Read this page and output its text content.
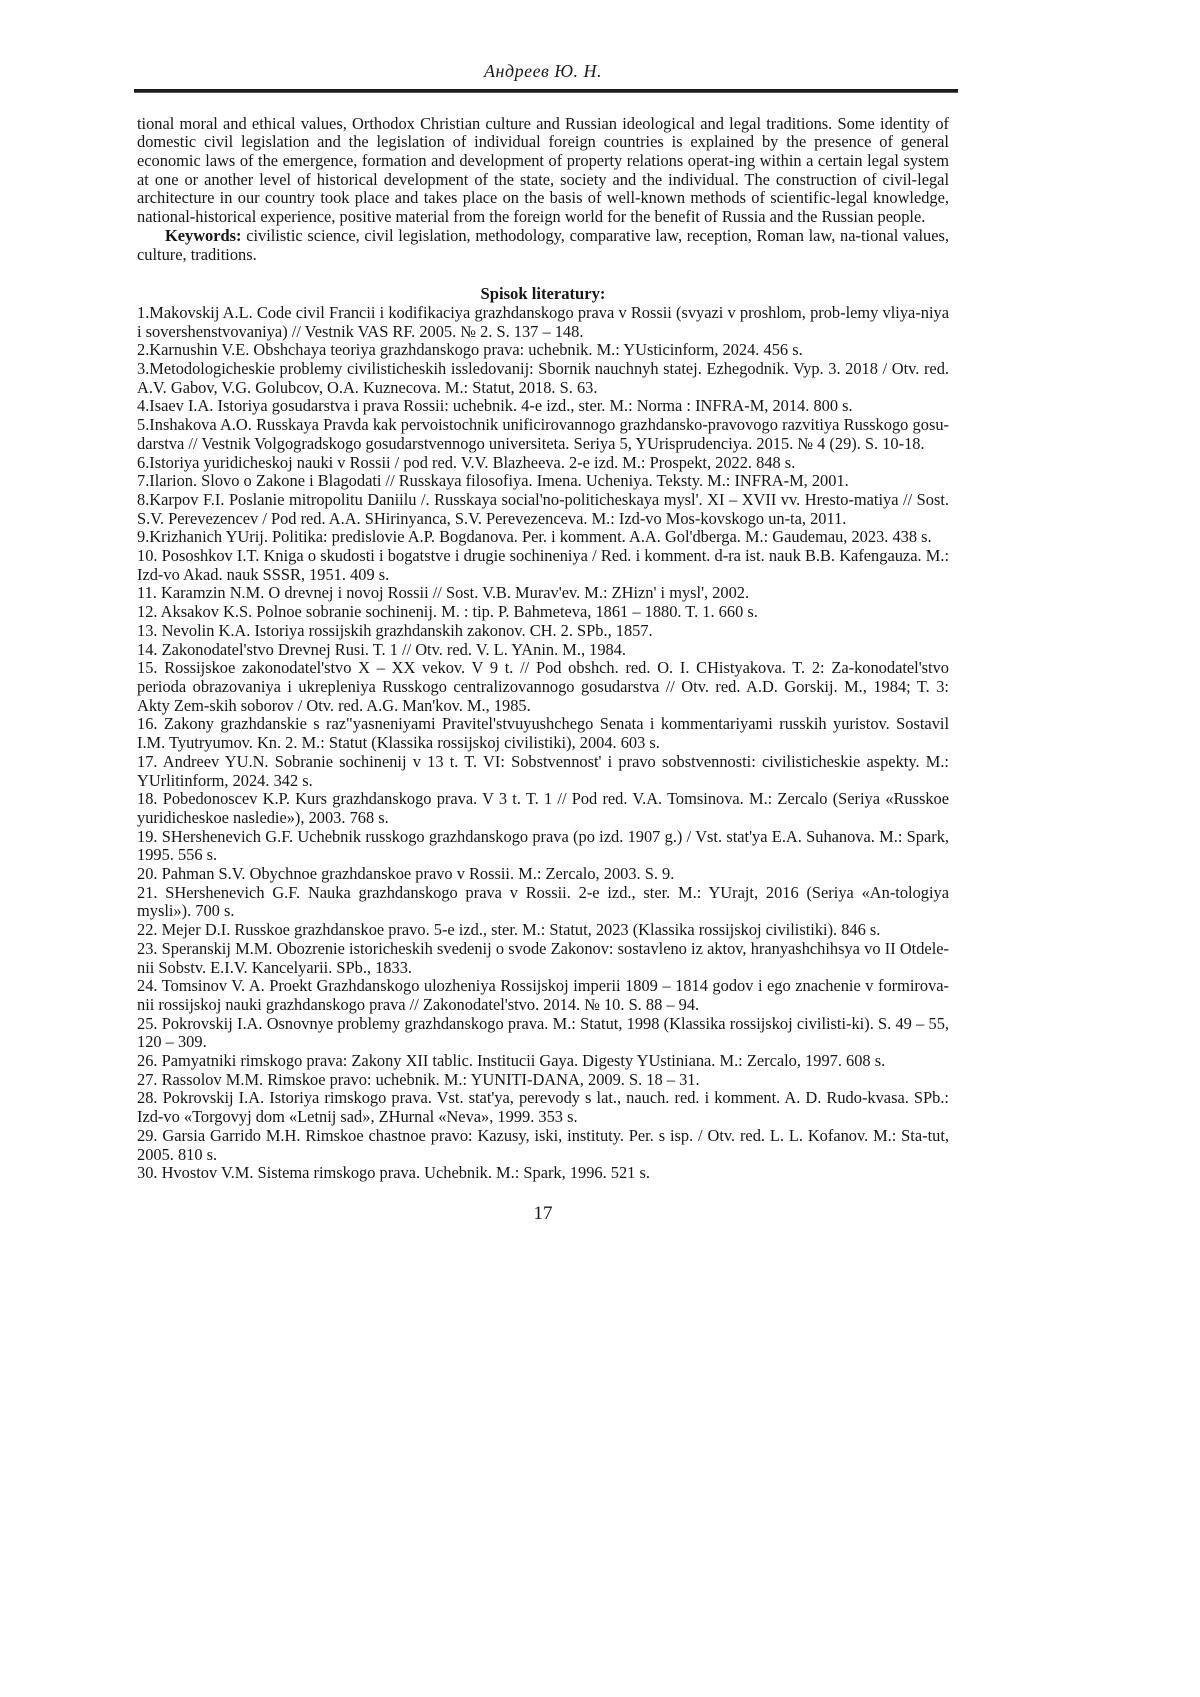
Андреев Ю. Н.

tional moral and ethical values, Orthodox Christian culture and Russian ideological and legal traditions. Some identity of domestic civil legislation and the legislation of individual foreign countries is explained by the presence of general economic laws of the emergence, formation and development of property relations operat-ing within a certain legal system at one or another level of historical development of the state, society and the individual. The construction of civil-legal architecture in our country took place and takes place on the basis of well-known methods of scientific-legal knowledge, national-historical experience, positive material from the foreign world for the benefit of Russia and the Russian people.

Keywords: civilistic science, civil legislation, methodology, comparative law, reception, Roman law, na-tional values, culture, traditions.

Spisok literatury:

1.Makovskij A.L. Code civil Francii i kodifikaciya grazhdanskogo prava v Rossii (svyazi v proshlom, prob-lemy vliya-niya i sovershenstvovaniya) // Vestnik VAS RF. 2005. № 2. S. 137 – 148.

2.Karnushin V.E. Obshchaya teoriya grazhdanskogo prava: uchebnik. M.: YUsticinform, 2024. 456 s.

3.Metodologicheskie problemy civilisticheskih issledovanij: Sbornik nauchnyh statej. Ezhegodnik. Vyp. 3. 2018 / Otv. red. A.V. Gabov, V.G. Golubcov, O.A. Kuznecova. M.: Statut, 2018. S. 63.

4.Isaev I.A. Istoriya gosudarstva i prava Rossii: uchebnik. 4-e izd., ster. M.: Norma : INFRA-M, 2014. 800 s.

5.Inshakova A.O. Russkaya Pravda kak pervoistochnik unificirovannogo grazhdansko-pravovogo razvitiya Russkogo gosu-darstva // Vestnik Volgogradskogo gosudarstvennogo universiteta. Seriya 5, YUrisprudenciya. 2015. № 4 (29). S. 10-18.

6.Istoriya yuridicheskoj nauki v Rossii / pod red. V.V. Blazheeva. 2-e izd. M.: Prospekt, 2022. 848 s.

7.Ilarion. Slovo o Zakone i Blagodati // Russkaya filosofiya. Imena. Ucheniya. Teksty. M.: INFRA-M, 2001.

8.Karpov F.I. Poslanie mitropolitu Daniilu /. Russkaya social'no-politicheskaya mysl'. XI – XVII vv. Hresto-matiya // Sost. S.V. Perevezencev / Pod red. A.A. SHirinyanca, S.V. Perevezenceva. M.: Izd-vo Mos-kovskogo un-ta, 2011.

9.Krizhanich YUrij. Politika: predislovie A.P. Bogdanova. Per. i komment. A.A. Gol'dberga. M.: Gaudemau, 2023. 438 s.

10. Pososhkov I.T. Kniga o skudosti i bogatstve i drugie sochineniya / Red. i komment. d-ra ist. nauk B.B. Kafengauza. M.: Izd-vo Akad. nauk SSSR, 1951. 409 s.

11. Karamzin N.M. O drevnej i novoj Rossii // Sost. V.B. Murav'ev. M.: ZHizn' i mysl', 2002.

12. Aksakov K.S. Polnoe sobranie sochinenij. M. : tip. P. Bahmeteva, 1861 – 1880. T. 1. 660 s.

13. Nevolin K.A. Istoriya rossijskih grazhdanskih zakonov. CH. 2. SPb., 1857.

14. Zakonodatel'stvo Drevnej Rusi. T. 1 // Otv. red. V. L. YAnin. M., 1984.

15. Rossijskoe zakonodatel'stvo X – XX vekov. V 9 t. // Pod obshch. red. O. I. CHistyakova. T. 2: Za-konodatel'stvo perioda obrazovaniya i ukrepleniya Russkogo centralizovannogo gosudarstva // Otv. red. A.D. Gorskij. M., 1984; T. 3: Akty Zem-skih soborov / Otv. red. A.G. Man'kov. M., 1985.

16. Zakony grazhdanskie s raz"yasneniyami Pravitel'stvuyushchego Senata i kommentariyami russkih yuristov. Sostavil I.M. Tyutryumov. Kn. 2. M.: Statut (Klassika rossijskoj civilistiki), 2004. 603 s.

17. Andreev YU.N. Sobranie sochinenij v 13 t. T. VI: Sobstvennost' i pravo sobstvennosti: civilisticheskie aspekty. M.: YUrlitinform, 2024. 342 s.

18. Pobedonoscev K.P. Kurs grazhdanskogo prava. V 3 t. T. 1 // Pod red. V.A. Tomsinova. M.: Zercalo (Seriya «Russkoe yuridicheskoe nasledie»), 2003. 768 s.

19. SHershenevich G.F. Uchebnik russkogo grazhdanskogo prava (po izd. 1907 g.) / Vst. stat'ya E.A. Suhanova. M.: Spark, 1995. 556 s.

20. Pahman S.V. Obychnoe grazhdanskoe pravo v Rossii. M.: Zercalo, 2003. S. 9.

21. SHershenevich G.F. Nauka grazhdanskogo prava v Rossii. 2-e izd., ster. M.: YUrajt, 2016 (Seriya «An-tologiya mysli»). 700 s.

22. Mejer D.I. Russkoe grazhdanskoe pravo. 5-e izd., ster. M.: Statut, 2023 (Klassika rossijskoj civilistiki). 846 s.

23. Speranskij M.M. Obozrenie istoricheskih svedenij o svode Zakonov: sostavleno iz aktov, hranyashchihsya vo II Otdele-nii Sobstv. E.I.V. Kancelyarii. SPb., 1833.

24. Tomsinov V. A. Proekt Grazhdanskogo ulozheniya Rossijskoj imperii 1809 – 1814 godov i ego znachenie v formirova-nii rossijskoj nauki grazhdanskogo prava // Zakonodatel'stvo. 2014. № 10. S. 88 – 94.

25. Pokrovskij I.A. Osnovnye problemy grazhdanskogo prava. M.: Statut, 1998 (Klassika rossijskoj civilisti-ki). S. 49 – 55, 120 – 309.

26. Pamyatniki rimskogo prava: Zakony XII tablic. Institucii Gaya. Digesty YUstiniana. M.: Zercalo, 1997. 608 s.

27. Rassolov M.M. Rimskoe pravo: uchebnik. M.: YUNITI-DANA, 2009. S. 18 – 31.

28. Pokrovskij I.A. Istoriya rimskogo prava. Vst. stat'ya, perevody s lat., nauch. red. i komment. A. D. Rudo-kvasa. SPb.: Izd-vo «Torgovyj dom «Letnij sad», ZHurnal «Neva», 1999. 353 s.

29. Garsia Garrido M.H. Rimskoe chastnoe pravo: Kazusy, iski, instituty. Per. s isp. / Otv. red. L. L. Kofanov. M.: Sta-tut, 2005. 810 s.

30. Hvostov V.M. Sistema rimskogo prava. Uchebnik. M.: Spark, 1996. 521 s.

17
